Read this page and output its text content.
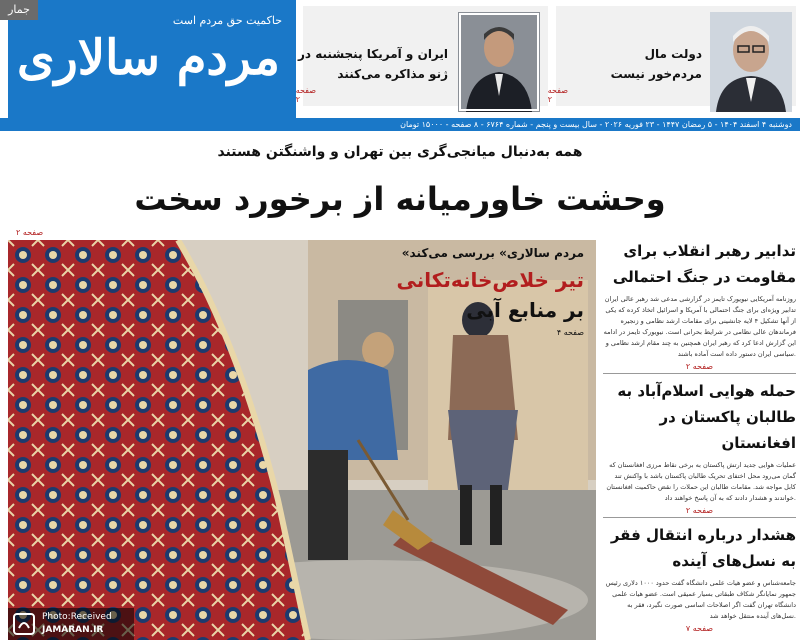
دولت مال مردم‌خور نیست
صفحه ۲
ایران و آمریکا پنجشنبه در ژنو مذاکره می‌کنند
صفحه ۲
حاکمیت حق مردم است
مردم سالاری
جمار
دوشنبه ۴ اسفند ۱۴۰۴ - ۵ رمضان ۱۴۴۷ - ۲۳ فوریه ۲۰۲۶ - سال بیست و پنجم - شماره ۶۷۶۴ - ۸ صفحه - ۱۵۰۰۰ تومان
همه به‌دنبال میانجی‌گری بین تهران و واشنگتن هستند
وحشت خاورمیانه از برخورد سخت
صفحه ۲
«مردم سالاری» بررسی می‌کند
تیر خلاص‌خانه‌تکانی
بر منابع آبی
صفحه ۴
Photo:Received
JAMARAN.IR
تدابیر رهبر انقلاب برای مقاومت در جنگ احتمالی
روزنامه آمریکایی نیویورک تایمز در گزارشی مدعی شد رهبر عالی ایران تدابیر ویژه‌ای برای جنگ احتمالی با آمریکا و اسرائیل اتخاذ کرده که یکی از آنها تشکیل ۴ لایه جانشینی برای مقامات ارشد نظامی و زنجیره فرماندهان عالی نظامی در شرایط بحرانی است. نیویورک تایمز در ادامه این گزارش ادعا کرد که رهبر ایران همچنین به چند مقام ارشد نظامی و سیاسی ایران دستور داده است آماده باشند.
صفحه ۲
حمله هوایی اسلام‌آباد به طالبان پاکستان در افغانستان
عملیات هوایی جدید ارتش پاکستان به برخی نقاط مرزی افغانستان که گمان می‌رود محل اختفای تحریک طالبان پاکستان باشد با واکنش تند کابل مواجه شد. مقامات طالبان این حملات را نقض حاکمیت افغانستان خواندند و هشدار دادند که به آن پاسخ خواهند داد.
صفحه ۲
هشدار درباره انتقال فقر به نسل‌های آینده
جامعه‌شناس و عضو هیات علمی دانشگاه گفت حدود ۱۰۰۰ دلاری رئیس جمهور نمایانگر شکاف طبقاتی بسیار عمیقی است. عضو هیات علمی دانشگاه تهران گفت اگر اصلاحات اساسی صورت نگیرد، فقر به نسل‌های آینده منتقل خواهد شد.
صفحه ۷
